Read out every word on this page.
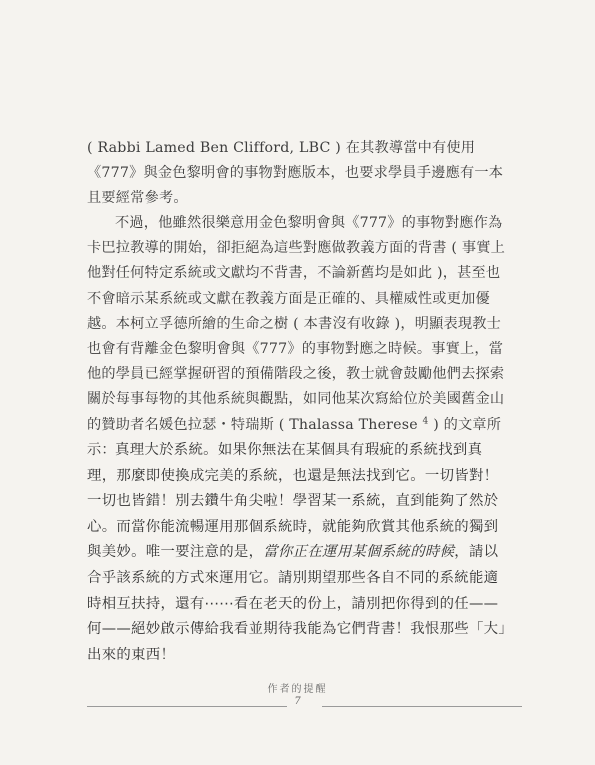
( Rabbi Lamed Ben Clifford, LBC ) 在其教導當中有使用《777》與金色黎明會的事物對應版本，也要求學員手邊應有一本且要經常參考。

不過，他雖然很樂意用金色黎明會與《777》的事物對應作為卡巴拉教導的開始，卻拒絕為這些對應做教義方面的背書 ( 事實上他對任何特定系統或文獻均不背書，不論新舊均是如此 )，甚至也不會暗示某系統或文獻在教義方面是正確的、具權威性或更加優越。本柯立孚德所繪的生命之樹 ( 本書沒有收錄 )，明顯表現教士也會有背離金色黎明會與《777》的事物對應之時候。事實上，當他的學員已經掌握研習的預備階段之後，教士就會鼓勵他們去探索關於每事每物的其他系統與觀點，如同他某次寫給位於美國舊金山的贊助者名媛色拉瑟・特瑞斯 ( Thalassa Therese $^4$ ) 的文章所示： 真理大於系統。如果你無法在某個具有瑕疵的系統找到真理，那麼即使換成完美的系統，也還是無法找到它。一切皆對！一切也皆錯！別去鑽牛角尖啦！學習某一系統，直到能夠了然於心。而當你能流暢運用那個系統時，就能夠欣賞其他系統的獨到與美妙。唯一要注意的是，當你正在運用某個系統的時候，請以合乎該系統的方式來運用它。請別期望那些各自不同的系統能適時相互扶持，還有⋯⋯看在老天的份上，請別把你得到的任——何——絕妙啟示傳給我看並期待我能為它們背書！我恨那些「大」出來的東西！

作者的提醒
7
